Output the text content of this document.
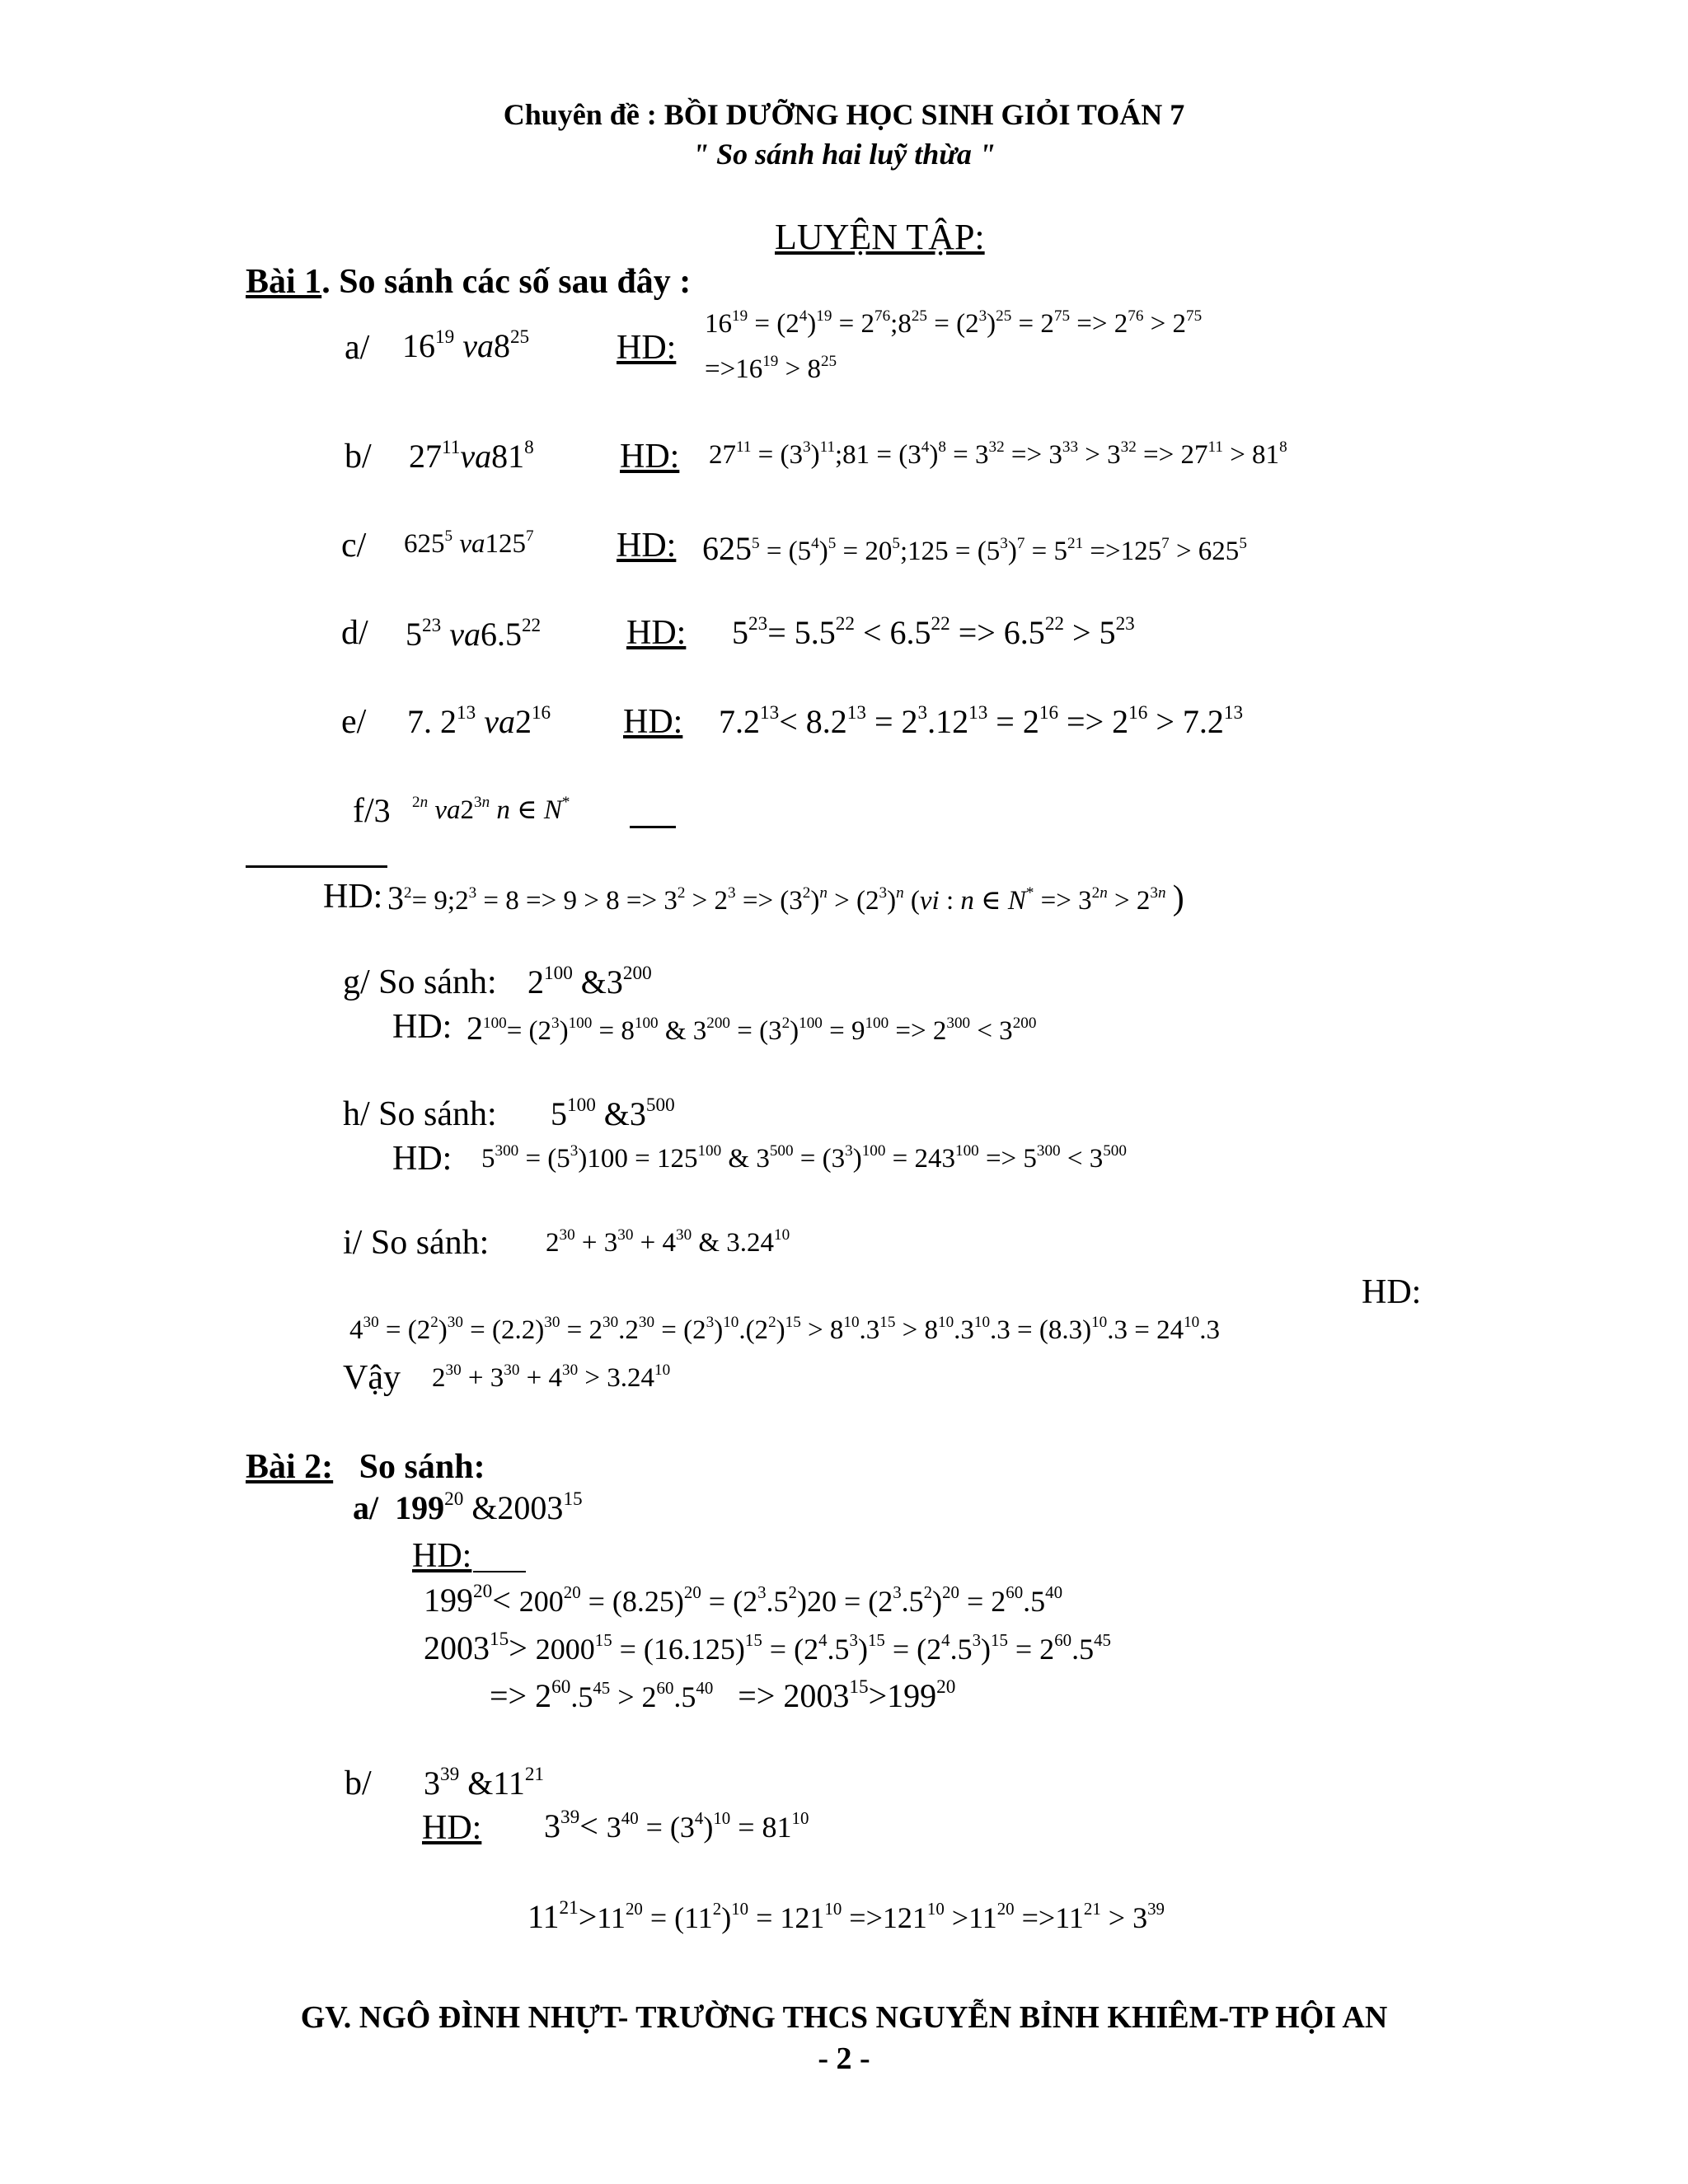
Chuyên đề : BỒI DƯỠNG HỌC SINH GIỎI TOÁN 7
" So sánh hai luỹ thừa "
LUYỆN TẬP:
Bài 1. So sánh các số sau đây :
a/ $16^{19}$ $va8^{25}$	HD:
$16^{19} = (2^4)^{19}$ = $2^{76};8^{25} = (2^3)^{25} = 2^{75} => 2^{76} > 2^{75}$
$=>16^{19} > 8^{25}$
b/ $27^{11}va81^8$ HD: $27^{11}$ = $(3^3)^{11};81 = (3^4)^8 = 3^{32} => 3^{33} > 3^{32} => 27^{11} > 81^8$
c/ $625^5$ $va125^7$ HD: $625^5 = (5^4)^5$ = $20^5;125 = (5^3)^7 = 5^{21} =>125^7 > 625^5$
d/ $5^{23}$ $va6.5^{22}$ HD: $5^{23}= 5.5^{22} < 6.5^{22} => 6.5^{22} > 5^{23}$
e/ 7. $2^{13}$ $va2^{16}$ HD: $7.2^{13}< 8.2^{13} = 2^3.12^{13} = 2^{16} => 2^{16} > 7.2^{13}$
f/3 $^{2n}$ $va2^{3n}$ n ∈ N*
HD: $3^2=$ $9;2^3 = 8 => 9 > 8 => 3^2 > 2^3 => (3^2)^n > (2^3)^n$ (vi : n ∈ $N^* => 3^{2n} > 2^{3n}$ )
g/ So sánh: $2^{100}$ $\&3^{200}$
HD: $2^{100}= (2^3)^{100} = 8^{100}$ & $3^{200} = (3^2)^{100} = 9^{100} => 2^{300} < 3^{200}$
h/ So sánh: $5^{100}$ $\&3^{500}$
HD: $5^{300} = (5^3)100 = 125^{100}$ & $3^{500} = (3^3)^{100} = 243^{100} => 5^{300} < 3^{500}$
i/ So sánh: $2^{30} + 3^{30} + 4^{30}$ & 3.24$^{10}$
HD:
$4^{30} = (2^2)^{30} = (2.2)^{30} = 2^{30}.2^{30} = (2^3)^{10}.(2^2)^{15} > 8^{10}.3^{15} > 8^{10}.3^{10}.3 = (8.3)^{10}.3 = 24^{10}.3$
Vậy $2^{30} + 3^{30} + 4^{30} > 3.24^{10}$
Bài 2: So sánh:
a/  $199^{20}$ &2003$^{15}$
HD:
$199^{20}< 200^{20} = (8.25)^{20} = (2^3.5^2)20 = (2^3.5^2)^{20} = 2^{60}.5^{40}$
$2003^{15}> 2000^{15} = (16.125)^{15} = (2^4.5^3)^{15} = (2^4.5^3)^{15} = 2^{60}.5^{45}$
=> $2^{60}.5^{45} > 2^{60}.5^{40} => 2003^{15}>199^{20}$
b/ $3^{39}$ $\&11^{21}$
HD: $3^{39}< 3^{40} = (3^4)^{10} = 81^{10}$
$11^{21}>11^{20} = (11^2)^{10} = 121^{10} =>121^{10} >11^{20} =>11^{21} > 3^{39}$
GV. NGÔ ĐÌNH NHỰT- TRƯỜNG THCS NGUYỄN BỈNH KHIÊM-TP HỘI AN
- 2 -
